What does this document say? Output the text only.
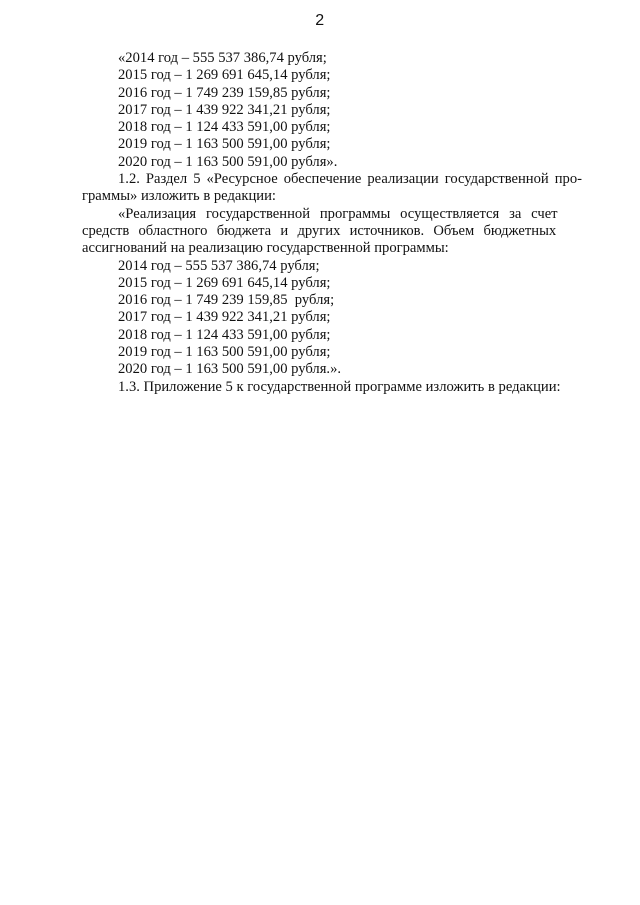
2
«2014 год – 555 537 386,74 рубля;
2015 год – 1 269 691 645,14 рубля;
2016 год – 1 749 239 159,85 рубля;
2017 год – 1 439 922 341,21 рубля;
2018 год – 1 124 433 591,00 рубля;
2019 год – 1 163 500 591,00 рубля;
2020 год – 1 163 500 591,00 рубля».
1.2. Раздел 5 «Ресурсное обеспечение реализации государственной про-
граммы» изложить в редакции:
«Реализация государственной программы осуществляется за счет
средств областного бюджета и других источников. Объем бюджетных
ассигнований на реализацию государственной программы:
2014 год – 555 537 386,74 рубля;
2015 год – 1 269 691 645,14 рубля;
2016 год – 1 749 239 159,85  рубля;
2017 год – 1 439 922 341,21 рубля;
2018 год – 1 124 433 591,00 рубля;
2019 год – 1 163 500 591,00 рубля;
2020 год – 1 163 500 591,00 рубля.».
1.3. Приложение 5 к государственной программе изложить в редакции:
